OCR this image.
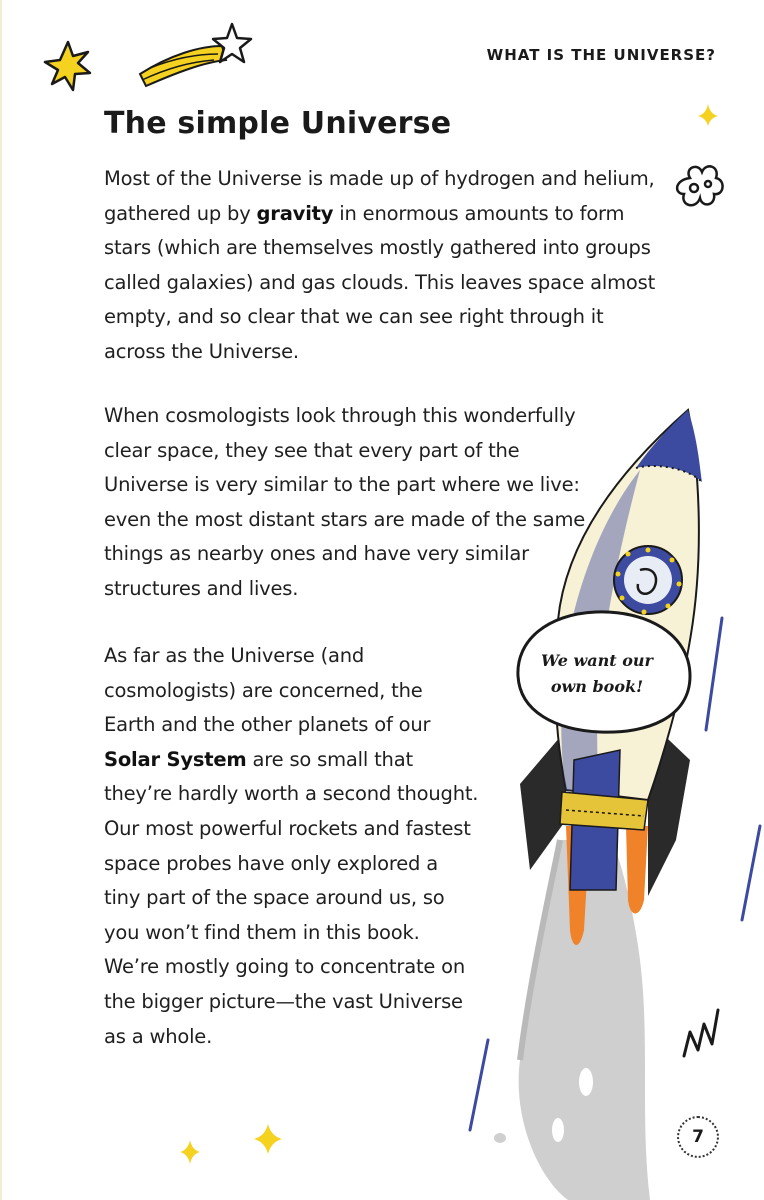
WHAT IS THE UNIVERSE?
The simple Universe

Most of the Universe is made up of hydrogen and helium, gathered up by gravity in enormous amounts to form stars (which are themselves mostly gathered into groups called galaxies) and gas clouds. This leaves space almost empty, and so clear that we can see right through it across the Universe.

When cosmologists look through this wonderfully clear space, they see that every part of the Universe is very similar to the part where we live: even the most distant stars are made of the same things as nearby ones and have very similar structures and lives.

As far as the Universe (and cosmologists) are concerned, the Earth and the other planets of our Solar System are so small that they’re hardly worth a second thought. Our most powerful rockets and fastest space probes have only explored a tiny part of the space around us, so you won’t find them in this book. We’re mostly going to concentrate on the bigger picture—the vast Universe as a whole.

We want our
own book!
7
